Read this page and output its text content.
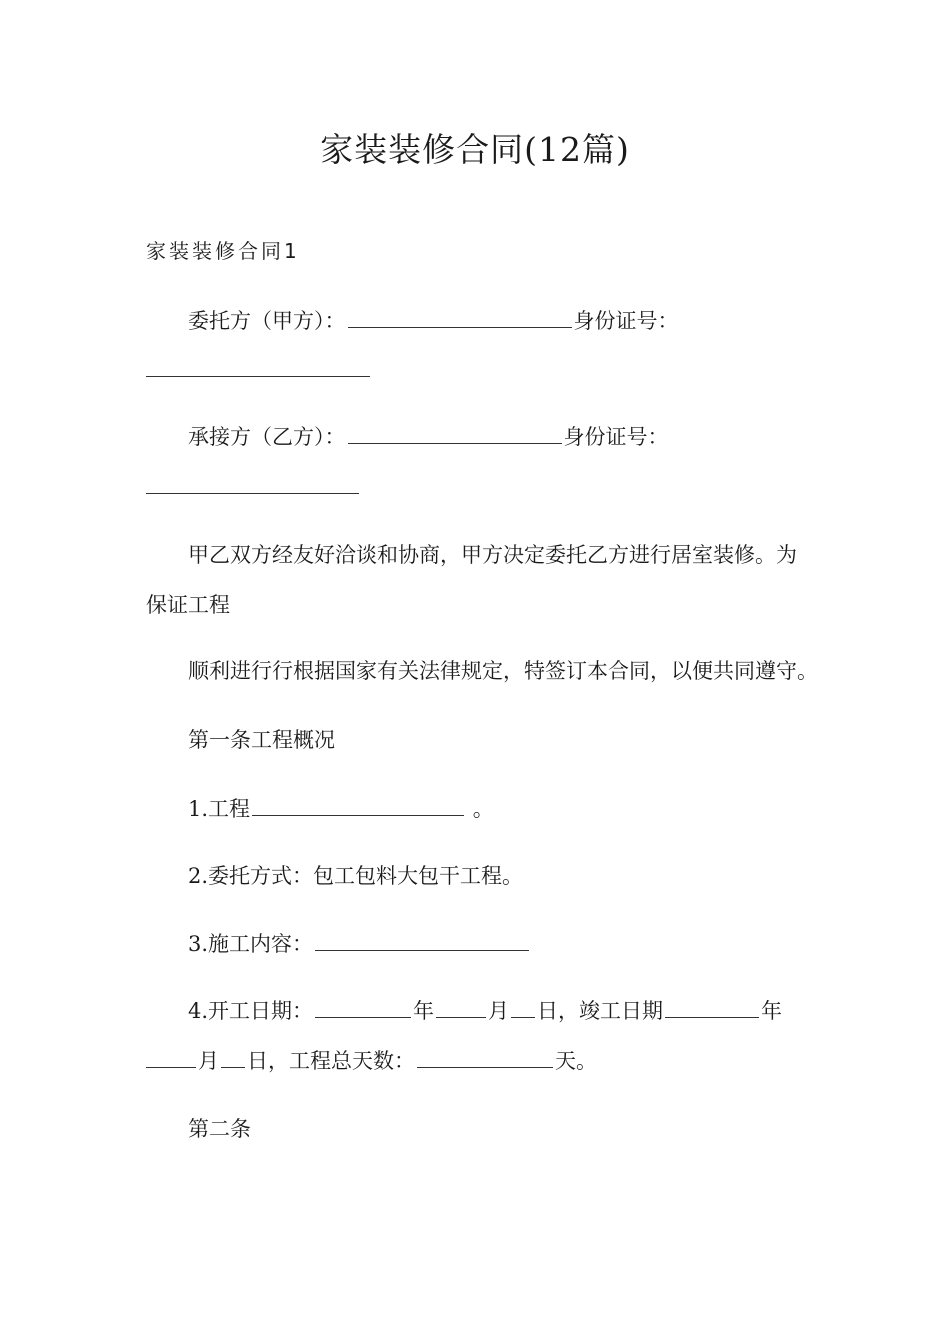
家装装修合同(12篇)
家装装修合同1
委托方（甲方）：	身份证号：
承接方（乙方）：	身份证号：
甲乙双方经友好洽谈和协商，甲方决定委托乙方进行居室装修。为
保证工程
顺利进行行根据国家有关法律规定，特签订本合同，以便共同遵守。
第一条工程概况
1.工程	。
2.委托方式：包工包料大包干工程。
3.施工内容：
4.开工日期：	年	月 日，竣工日期	年
月 日，工程总天数：	天。
第二条
